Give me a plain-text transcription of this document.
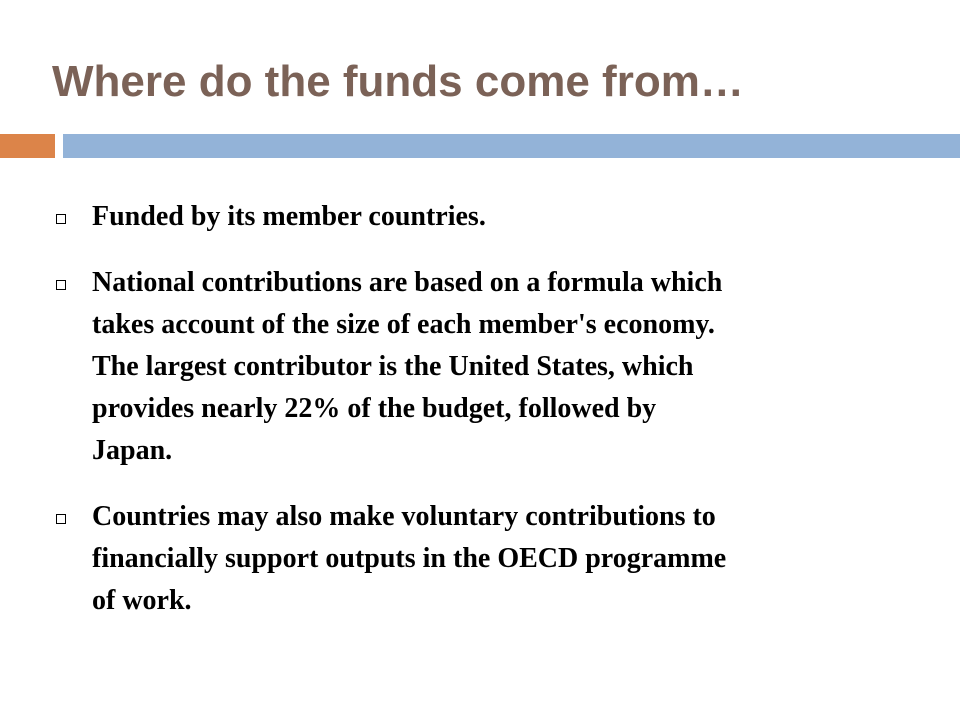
Where do the funds come from…
Funded by its member countries.
National contributions are based on a formula which
takes account of the size of each member's economy.
The largest contributor is the United States, which
provides nearly 22% of the budget, followed by
Japan.
Countries may also make voluntary contributions to
financially support outputs in the OECD programme
of work.
